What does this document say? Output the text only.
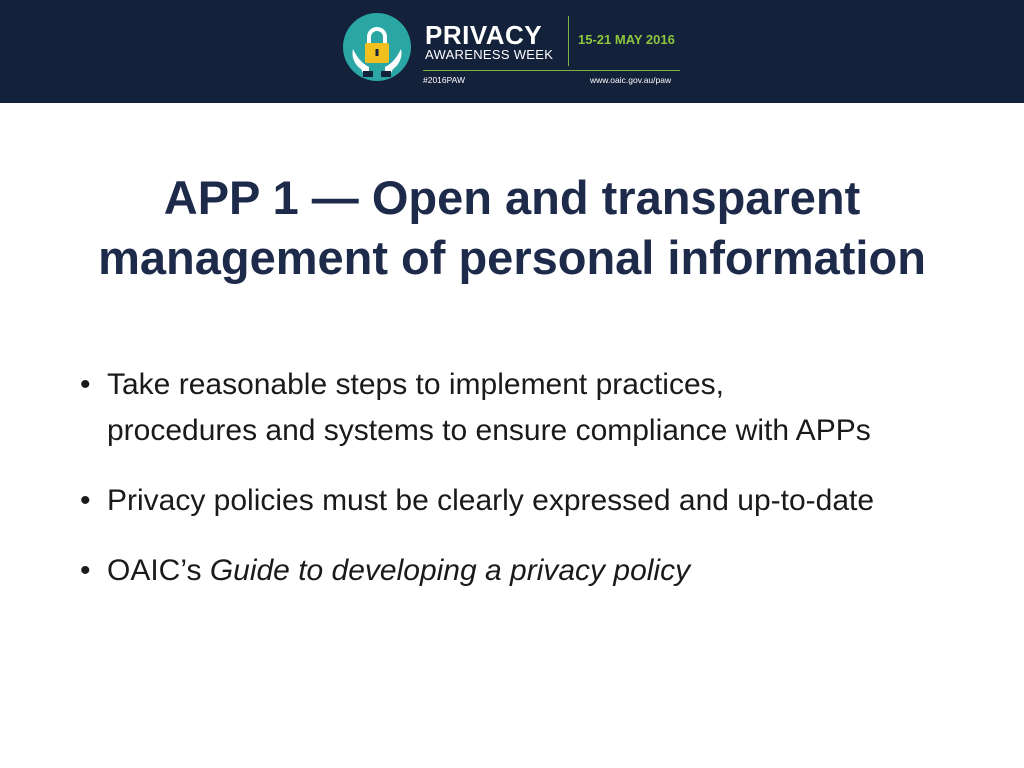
PRIVACY
AWARENESS WEEK
15-21 MAY 2016
#2016PAW	www.oaic.gov.au/paw
APP 1 — Open and transparent
management of personal information
• Take reasonable steps to implement practices, procedures and systems to ensure compliance with APPs
• Privacy policies must be clearly expressed and up-to-date
• OAIC’s Guide to developing a privacy policy
